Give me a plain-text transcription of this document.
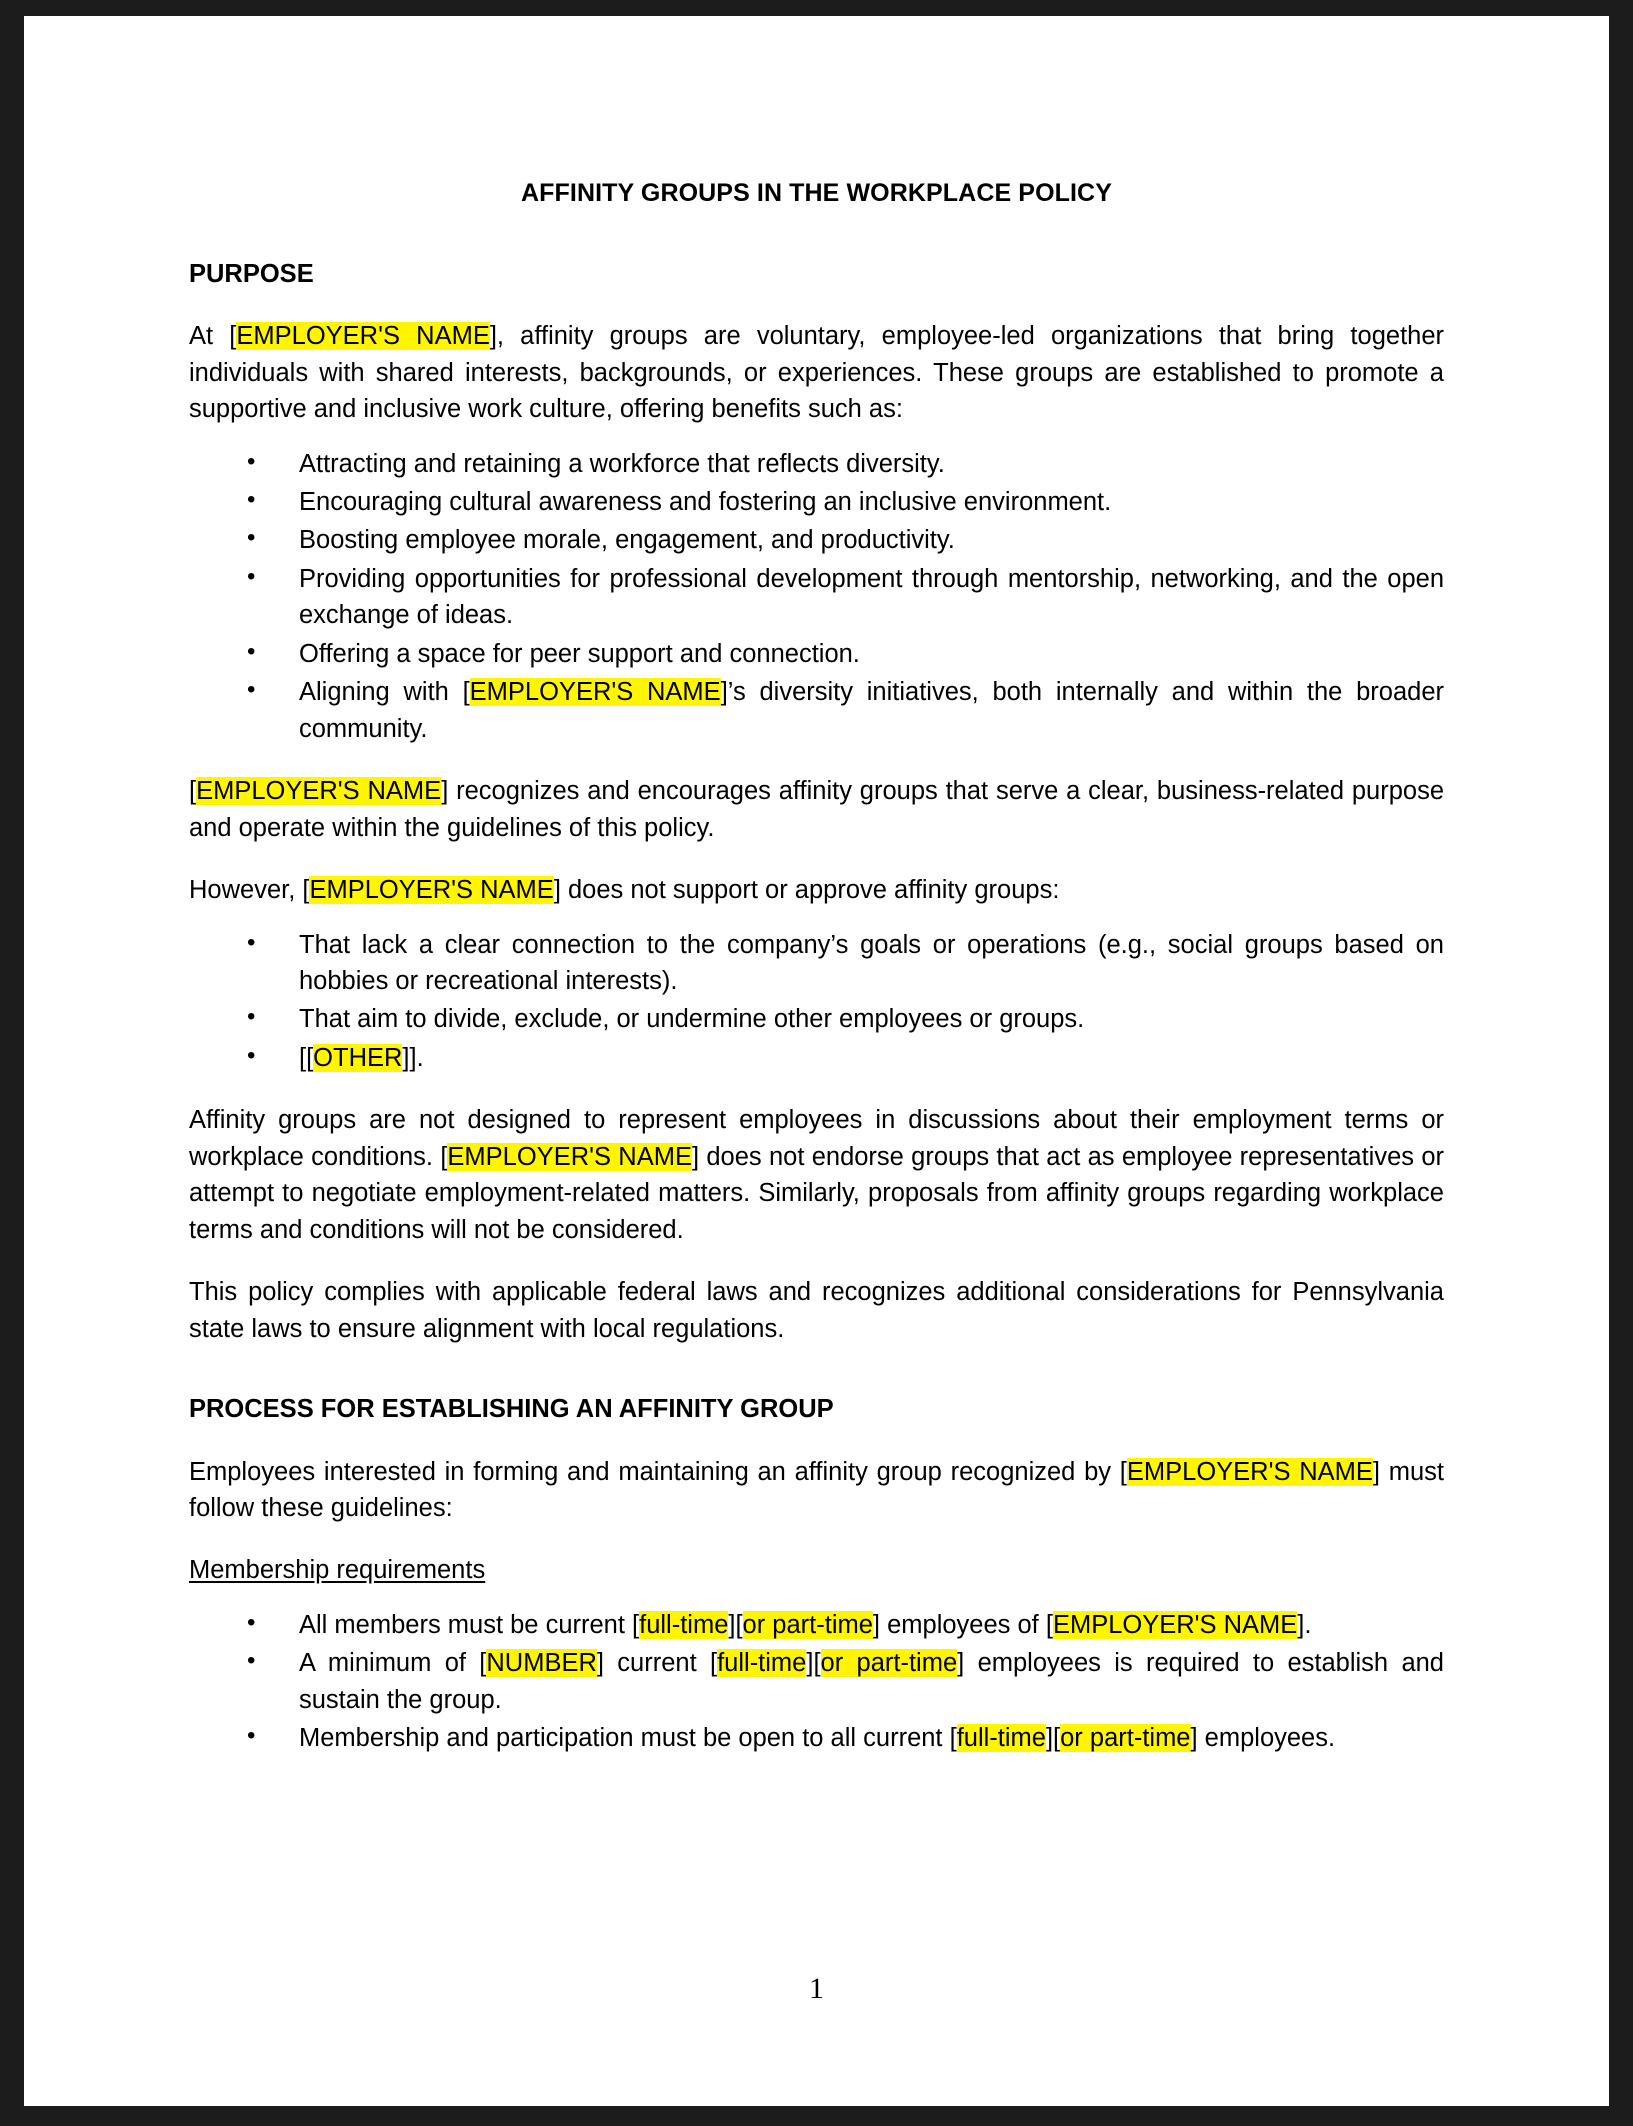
AFFINITY GROUPS IN THE WORKPLACE POLICY
PURPOSE

At [EMPLOYER'S NAME], affinity groups are voluntary, employee-led organizations that bring together individuals with shared interests, backgrounds, or experiences. These groups are established to promote a supportive and inclusive work culture, offering benefits such as:

• Attracting and retaining a workforce that reflects diversity.
• Encouraging cultural awareness and fostering an inclusive environment.
• Boosting employee morale, engagement, and productivity.
• Providing opportunities for professional development through mentorship, networking, and the open exchange of ideas.
• Offering a space for peer support and connection.
• Aligning with [EMPLOYER'S NAME]’s diversity initiatives, both internally and within the broader community.

[EMPLOYER'S NAME] recognizes and encourages affinity groups that serve a clear, business-related purpose and operate within the guidelines of this policy.

However, [EMPLOYER'S NAME] does not support or approve affinity groups:

• That lack a clear connection to the company’s goals or operations (e.g., social groups based on hobbies or recreational interests).
• That aim to divide, exclude, or undermine other employees or groups.
• [[OTHER]].

Affinity groups are not designed to represent employees in discussions about their employment terms or workplace conditions. [EMPLOYER'S NAME] does not endorse groups that act as employee representatives or attempt to negotiate employment-related matters. Similarly, proposals from affinity groups regarding workplace terms and conditions will not be considered.

This policy complies with applicable federal laws and recognizes additional considerations for Pennsylvania state laws to ensure alignment with local regulations.

PROCESS FOR ESTABLISHING AN AFFINITY GROUP

Employees interested in forming and maintaining an affinity group recognized by [EMPLOYER'S NAME] must follow these guidelines:

Membership requirements

• All members must be current [full-time][or part-time] employees of [EMPLOYER'S NAME].
• A minimum of [NUMBER] current [full-time][or part-time] employees is required to establish and sustain the group.
• Membership and participation must be open to all current [full-time][or part-time] employees.
1
